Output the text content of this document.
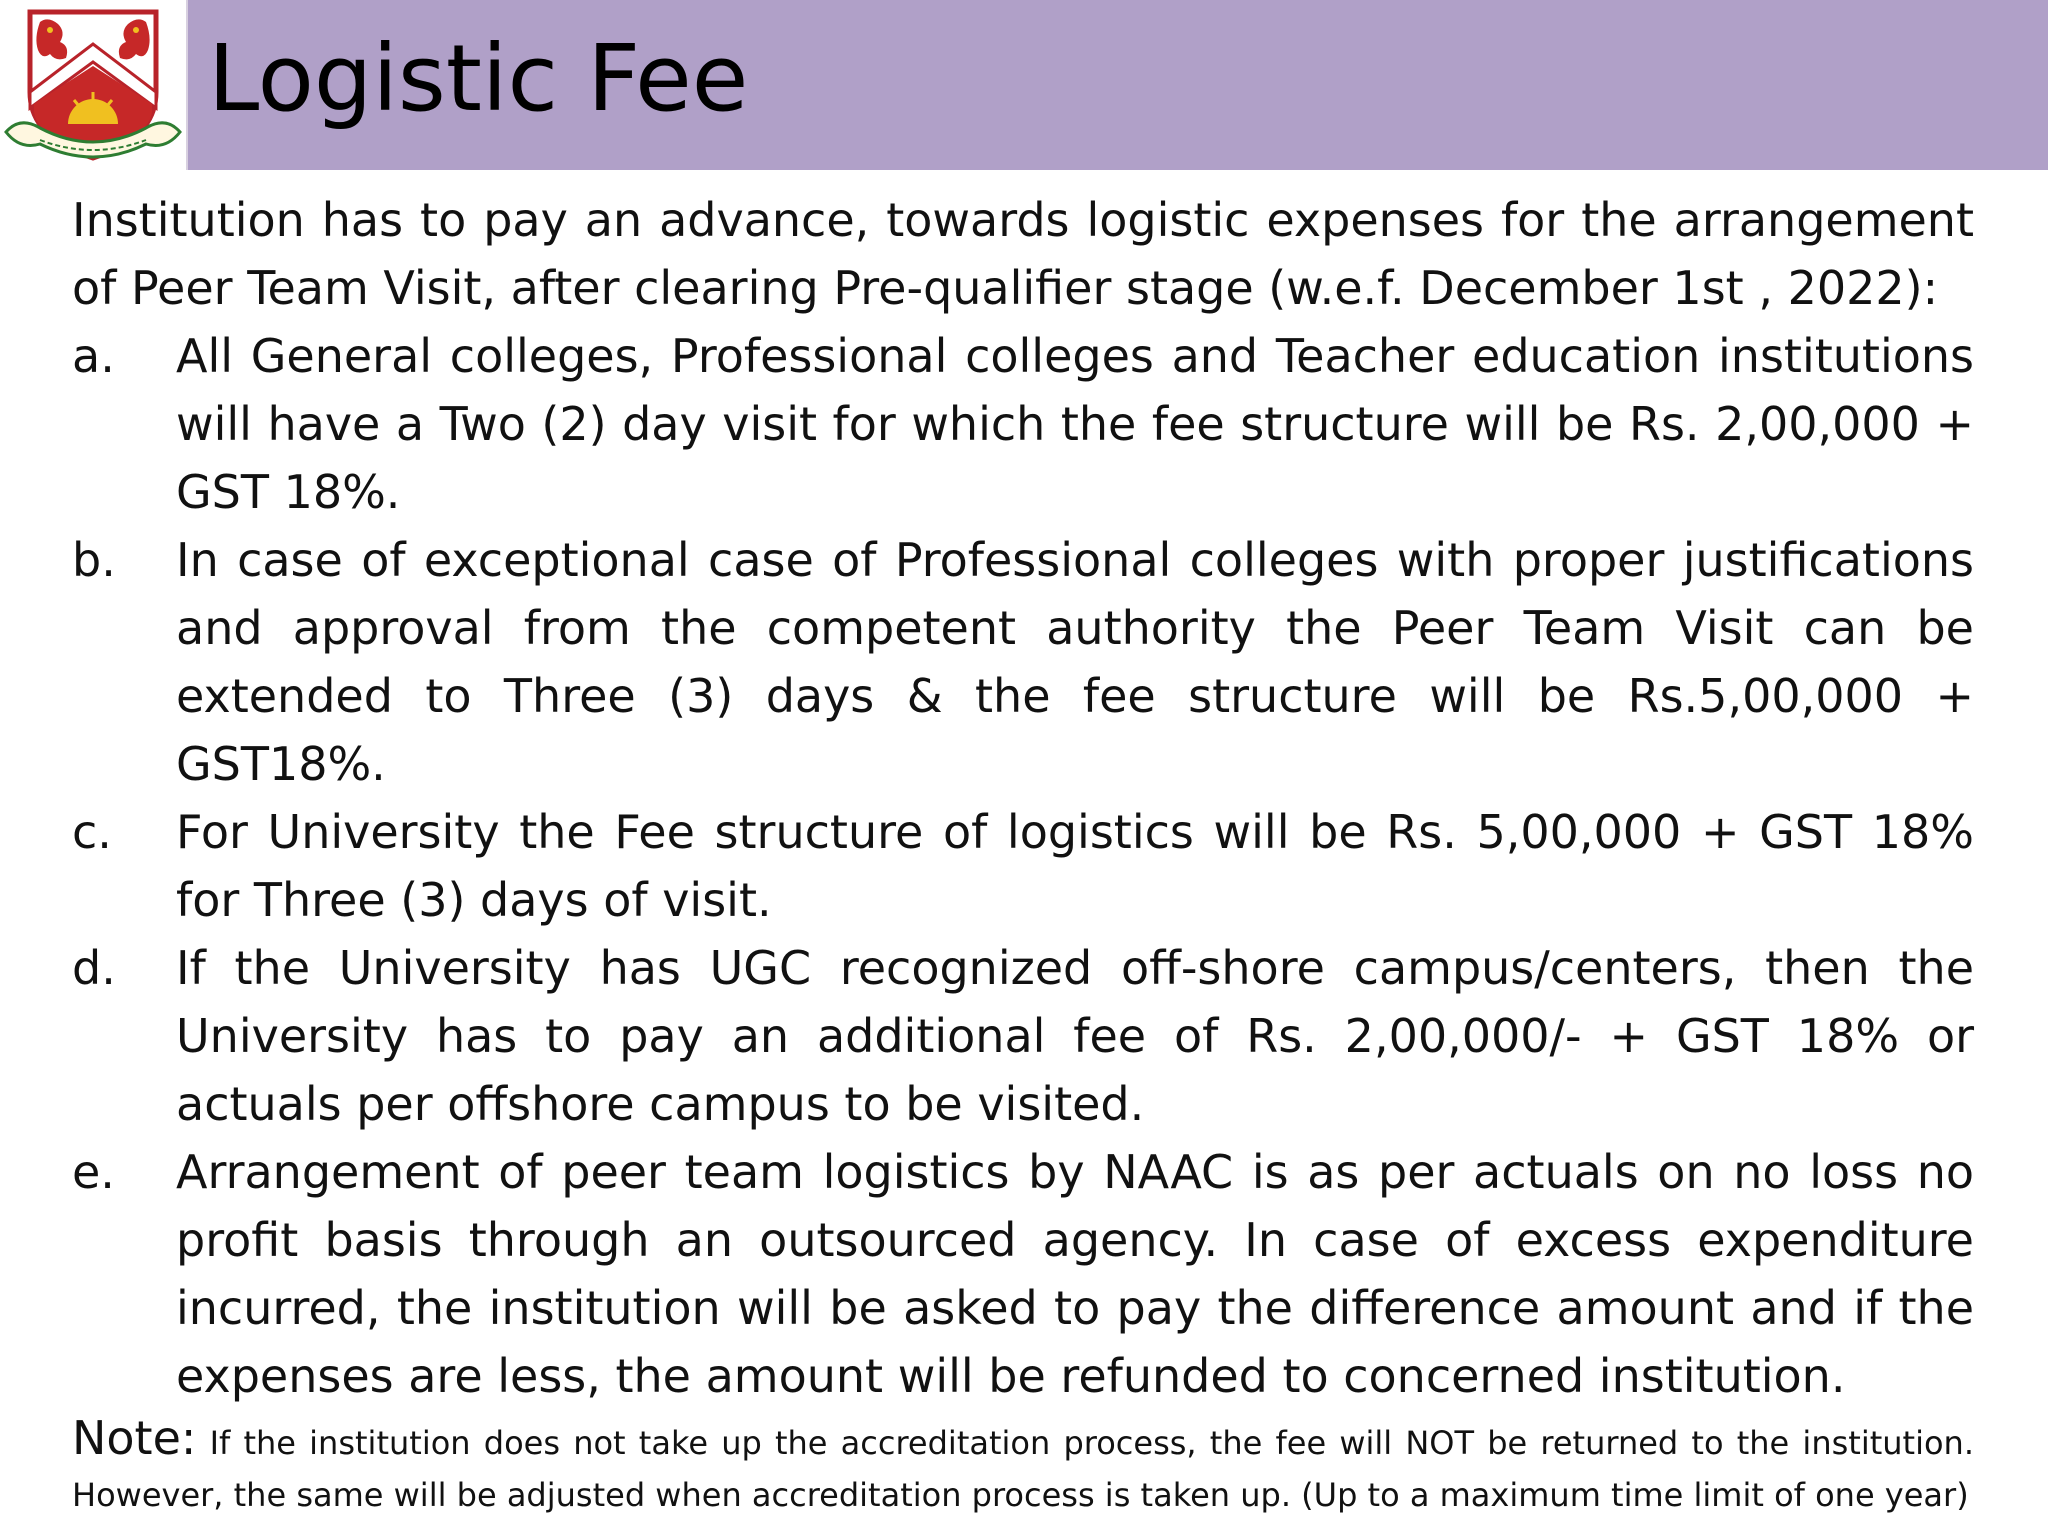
Logistic Fee

Institution has to pay an advance, towards logistic expenses for the arrangement of Peer Team Visit, after clearing Pre-qualifier stage (w.e.f. December 1st , 2022):

a. All General colleges, Professional colleges and Teacher education institutions will have a Two (2) day visit for which the fee structure will be Rs. 2,00,000 + GST 18%.
b. In case of exceptional case of Professional colleges with proper justifications and approval from the competent authority the Peer Team Visit can be extended to Three (3) days & the fee structure will be Rs.5,00,000 + GST18%.
c. For University the Fee structure of logistics will be Rs. 5,00,000 + GST 18% for Three (3) days of visit.
d. If the University has UGC recognized off-shore campus/centers, then the University has to pay an additional fee of Rs. 2,00,000/- + GST 18% or actuals per offshore campus to be visited.
e. Arrangement of peer team logistics by NAAC is as per actuals on no loss no profit basis through an outsourced agency. In case of excess expenditure incurred, the institution will be asked to pay the difference amount and if the expenses are less, the amount will be refunded to concerned institution.

Note: If the institution does not take up the accreditation process, the fee will NOT be returned to the institution. However, the same will be adjusted when accreditation process is taken up. (Up to a maximum time limit of one year)
